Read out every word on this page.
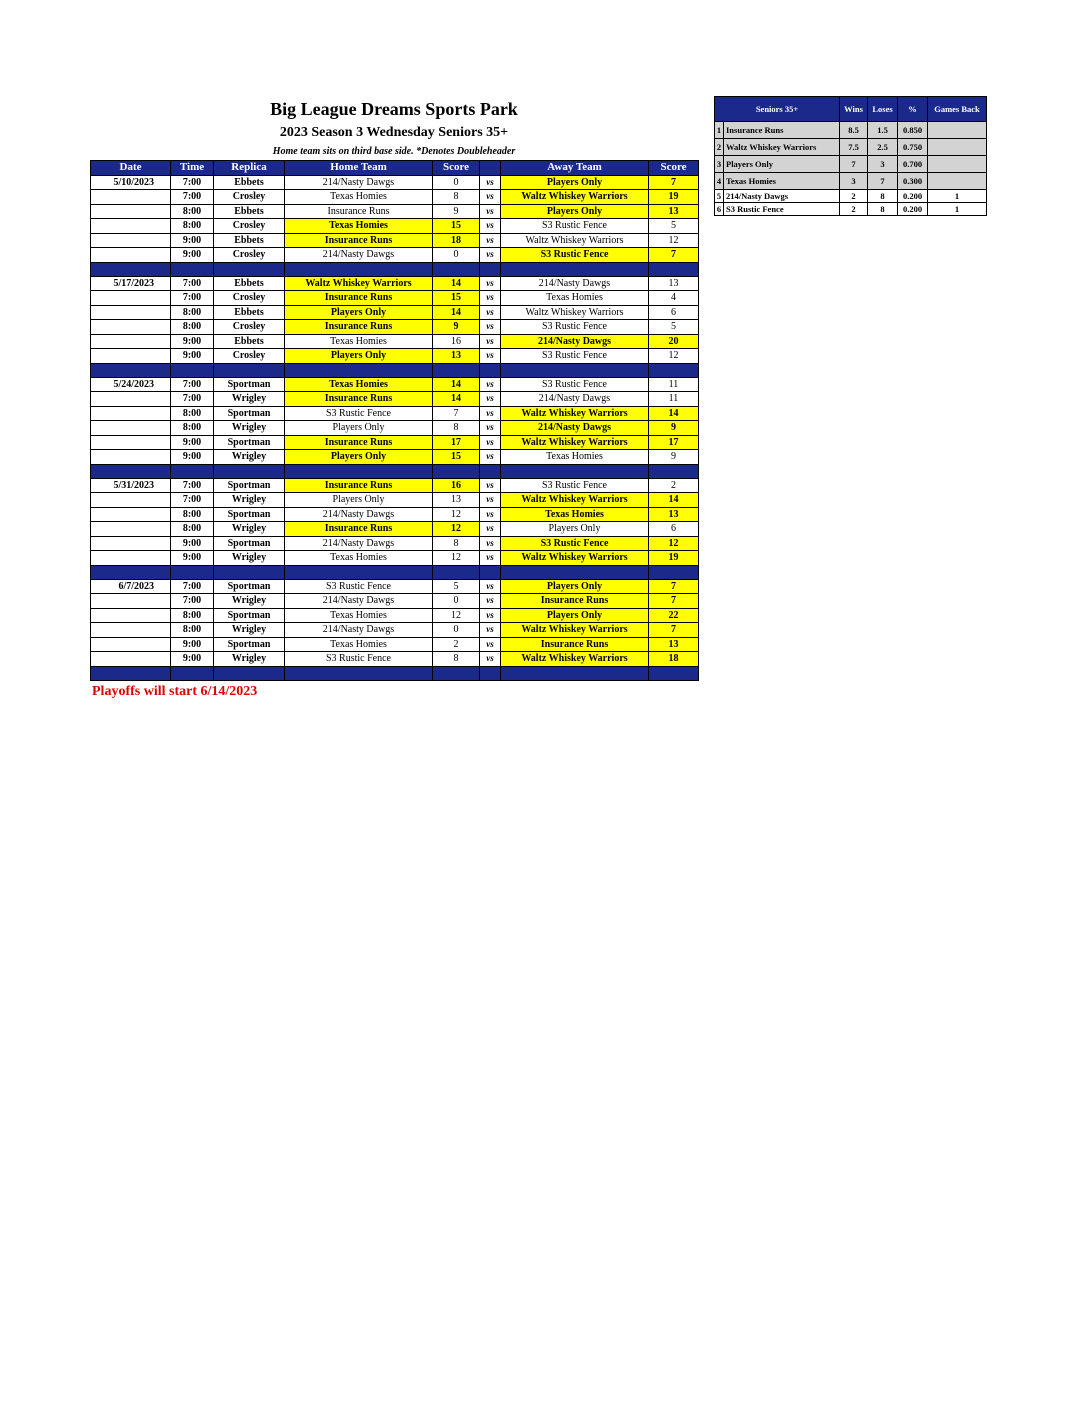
Big League Dreams Sports Park
2023 Season 3 Wednesday Seniors 35+
Home team sits on third base side. *Denotes Doubleheader
Date	Time	Replica	Home Team	Score		Away Team	Score
5/10/2023	7:00	Ebbets	214/Nasty Dawgs	0	vs	Players Only	7
	7:00	Crosley	Texas Homies	8	vs	Waltz Whiskey Warriors	19
	8:00	Ebbets	Insurance Runs	9	vs	Players Only	13
	8:00	Crosley	Texas Homies	15	vs	S3 Rustic Fence	5
	9:00	Ebbets	Insurance Runs	18	vs	Waltz Whiskey Warriors	12
	9:00	Crosley	214/Nasty Dawgs	0	vs	S3 Rustic Fence	7

5/17/2023	7:00	Ebbets	Waltz Whiskey Warriors	14	vs	214/Nasty Dawgs	13
	7:00	Crosley	Insurance Runs	15	vs	Texas Homies	4
	8:00	Ebbets	Players Only	14	vs	Waltz Whiskey Warriors	6
	8:00	Crosley	Insurance Runs	9	vs	S3 Rustic Fence	5
	9:00	Ebbets	Texas Homies	16	vs	214/Nasty Dawgs	20
	9:00	Crosley	Players Only	13	vs	S3 Rustic Fence	12

5/24/2023	7:00	Sportman	Texas Homies	14	vs	S3 Rustic Fence	11
	7:00	Wrigley	Insurance Runs	14	vs	214/Nasty Dawgs	11
	8:00	Sportman	S3 Rustic Fence	7	vs	Waltz Whiskey Warriors	14
	8:00	Wrigley	Players Only	8	vs	214/Nasty Dawgs	9
	9:00	Sportman	Insurance Runs	17	vs	Waltz Whiskey Warriors	17
	9:00	Wrigley	Players Only	15	vs	Texas Homies	9

5/31/2023	7:00	Sportman	Insurance Runs	16	vs	S3 Rustic Fence	2
	7:00	Wrigley	Players Only	13	vs	Waltz Whiskey Warriors	14
	8:00	Sportman	214/Nasty Dawgs	12	vs	Texas Homies	13
	8:00	Wrigley	Insurance Runs	12	vs	Players Only	6
	9:00	Sportman	214/Nasty Dawgs	8	vs	S3 Rustic Fence	12
	9:00	Wrigley	Texas Homies	12	vs	Waltz Whiskey Warriors	19

6/7/2023	7:00	Sportman	S3 Rustic Fence	5	vs	Players Only	7
	7:00	Wrigley	214/Nasty Dawgs	0	vs	Insurance Runs	7
	8:00	Sportman	Texas Homies	12	vs	Players Only	22
	8:00	Wrigley	214/Nasty Dawgs	0	vs	Waltz Whiskey Warriors	7
	9:00	Sportman	Texas Homies	2	vs	Insurance Runs	13
	9:00	Wrigley	S3 Rustic Fence	8	vs	Waltz Whiskey Warriors	18

Playoffs will start 6/14/2023
Seniors 35+		Wins	Loses	%	Games Back
1	Insurance Runs	8.5	1.5	0.850	
2	Waltz Whiskey Warriors	7.5	2.5	0.750	
3	Players Only	7	3	0.700	
4	Texas Homies	3	7	0.300	
5	214/Nasty Dawgs	2	8	0.200	1
6	S3 Rustic Fence	2	8	0.200	1
